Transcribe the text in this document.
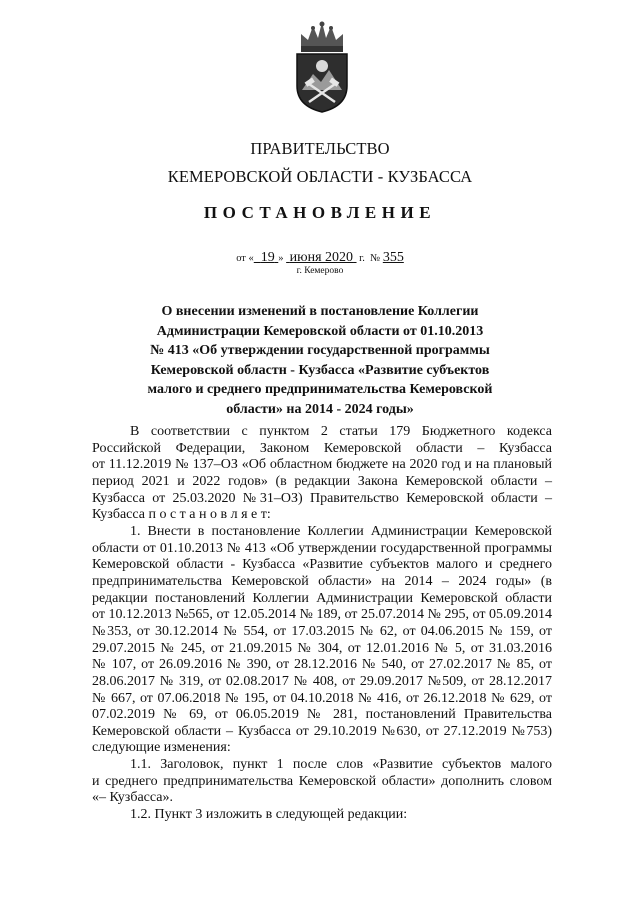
ПРАВИТЕЛЬСТВО
КЕМЕРОВСКОЙ ОБЛАСТИ - КУЗБАССА
ПОСТАНОВЛЕНИЕ
от « 19 » июня 2020 г. № 355
г. Кемерово
О внесении изменений в постановление Коллегии
Администрации Кемеровской области от 01.10.2013
№ 413 «Об утверждении государственной программы
Кемеровской областн - Кузбасса «Развитие субъектов
малого и среднего предпринимательства Кемеровской
области» на 2014 - 2024 годы»
В соответствии с пунктом 2 статьи 179 Бюджетного кодекса
Российской Федерации, Законом Кемеровской области – Кузбасса
от 11.12.2019 № 137–ОЗ «Об областном бюджете на 2020 год и на плановый
период 2021 и 2022 годов» (в редакции Закона Кемеровской области –
Кузбасса от 25.03.2020 №31–ОЗ) Правительство Кемеровской области –
Кузбасса п о с т а н о в л я е т:
1. Внести в постановление Коллегии Администрации Кемеровской
области от 01.10.2013 № 413 «Об утверждении государственной программы
Кемеровской области - Кузбасса «Развитие субъектов малого и среднего
предпринимательства Кемеровской области» на 2014 – 2024 годы» (в
редакции постановлений Коллегии Администрации Кемеровской области
от 10.12.2013 №565, от 12.05.2014 № 189, от 25.07.2014 № 295, от 05.09.2014
№353, от 30.12.2014 № 554, от 17.03.2015 № 62, от 04.06.2015 № 159, от
29.07.2015 № 245, от 21.09.2015 № 304, от 12.01.2016 № 5, от 31.03.2016
№ 107, от 26.09.2016 № 390, от 28.12.2016 № 540, от 27.02.2017 № 85, от
28.06.2017 № 319, от 02.08.2017 № 408, от 29.09.2017 №509, от 28.12.2017
№ 667, от 07.06.2018 № 195, от 04.10.2018 № 416, от 26.12.2018 № 629, от
07.02.2019 № 69, от 06.05.2019 № 281, постановлений Правительства
Кемеровской области – Кузбасса от 29.10.2019 №630, от 27.12.2019 №753)
следующие изменения:
1.1. Заголовок, пункт 1 после слов «Развитие субъектов малого
и среднего предпринимательства Кемеровской области» дополнить словом
«– Кузбасса».
1.2. Пункт 3 изложить в следующей редакции:
